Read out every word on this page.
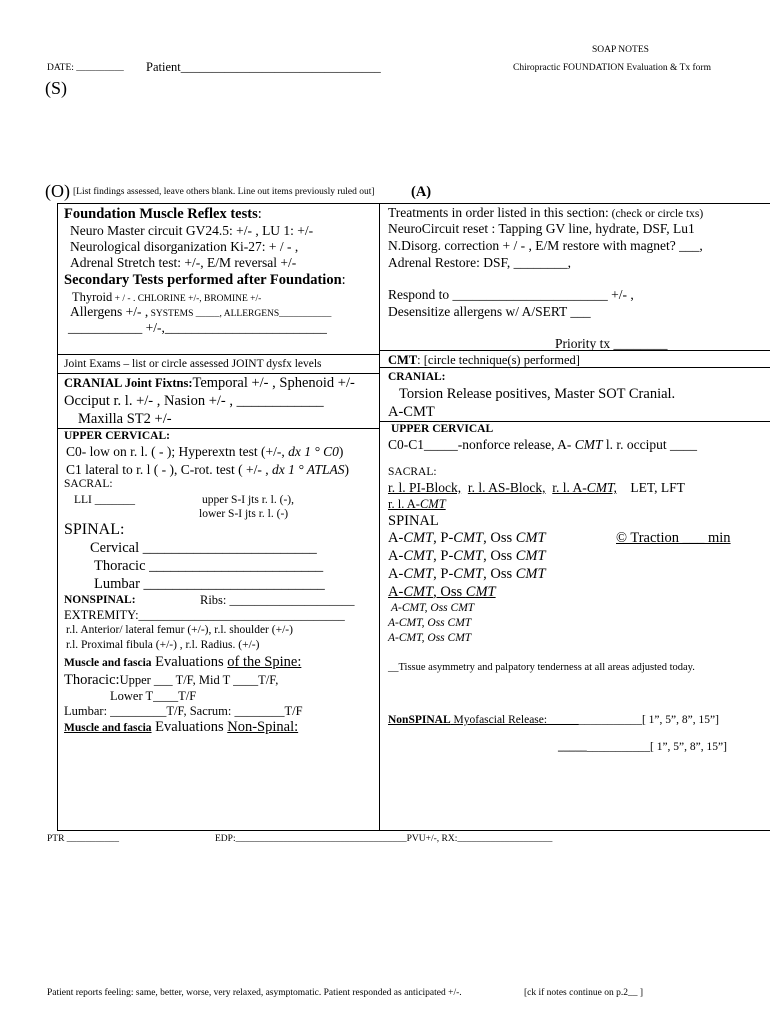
SOAP NOTES
Chiropractic FOUNDATION Evaluation & Tx form
DATE: __________ Patient________________________________
(S)
(O) [List findings assessed, leave others blank. Line out items previously ruled out]	(A)
Foundation Muscle Reflex tests:
Neuro Master circuit GV24.5: +/- , LU 1: +/-
Neurological disorganization Ki-27: + / - ,
Adrenal Stretch test: +/-, E/M reversal +/-
Secondary Tests performed after Foundation:
Thyroid + / - . CHLORINE +/-, BROMINE +/-
Allergens +/- , SYSTEMS _____, ALLERGENS___________
___________ +/-,________________________
Treatments in order listed in this section: (check or circle txs)
NeuroCircuit reset : Tapping GV line, hydrate, DSF, Lu1
N.Disorg. correction + / - , E/M restore with magnet? ___,
Adrenal Restore: DSF, ________,
Respond to _______________________ +/- ,
Desensitize allergens w/ A/SERT ___
Priority tx ________
Joint Exams – list or circle assessed JOINT dysfx levels
CRANIAL Joint Fixtns:Temporal +/- , Sphenoid +/-
Occiput r. l. +/- , Nasion +/- , ____________
Maxilla ST2 +/-
UPPER CERVICAL:
C0- low on r. l. ( - ); Hyperextn test (+/-, dx 1 ° C0)
C1 lateral to r. l ( - ), C-rot. test ( +/- , dx 1 ° ATLAS)
SACRAL:
LLI _______	upper S-I jts r. l. (-),
lower S-I jts r. l. (-)
SPINAL:
Cervical ________________________
Thoracic ________________________
Lumbar _________________________
NONSPINAL:	Ribs: ____________________
EXTREMITY:_________________________________
r.l. Anterior/ lateral femur (+/-), r.l. shoulder (+/-)
r.l. Proximal fibula (+/-) , r.l. Radius. (+/-)
Muscle and fascia Evaluations of the Spine:
Thoracic:Upper ___ T/F, Mid T ____T/F,
Lower T____T/F
Lumbar: _________T/F, Sacrum: ________T/F
Muscle and fascia Evaluations Non-Spinal:
CMT: [circle technique(s) performed]
CRANIAL:
Torsion Release positives, Master SOT Cranial.
A-CMT
UPPER CERVICAL
C0-C1_____-nonforce release, A- CMT l. r. occiput ____
SACRAL:
r. l. PI-Block, r. l. AS-Block, r. l. A-CMT, LET, LFT
r. l. A-CMT
SPINAL
A-CMT, P-CMT, Oss CMT	© Traction ___ min
A-CMT, P-CMT, Oss CMT
A-CMT, P-CMT, Oss CMT
A-CMT, Oss CMT
A-CMT, Oss CMT
A-CMT, Oss CMT
A-CMT, Oss CMT
__Tissue asymmetry and palpatory tenderness at all areas adjusted today.
NonSPINAL Myofascial Release: ________________[ 1”, 5”, 8”, 15”]
________________[ 1”, 5”, 8”, 15”]
PTR ___________	EDP:____________________________________PVU+/-, RX:____________________
Patient reports feeling: same, better, worse, very relaxed, asymptomatic. Patient responded as anticipated +/-.	[ck if notes continue on p.2__ ]
